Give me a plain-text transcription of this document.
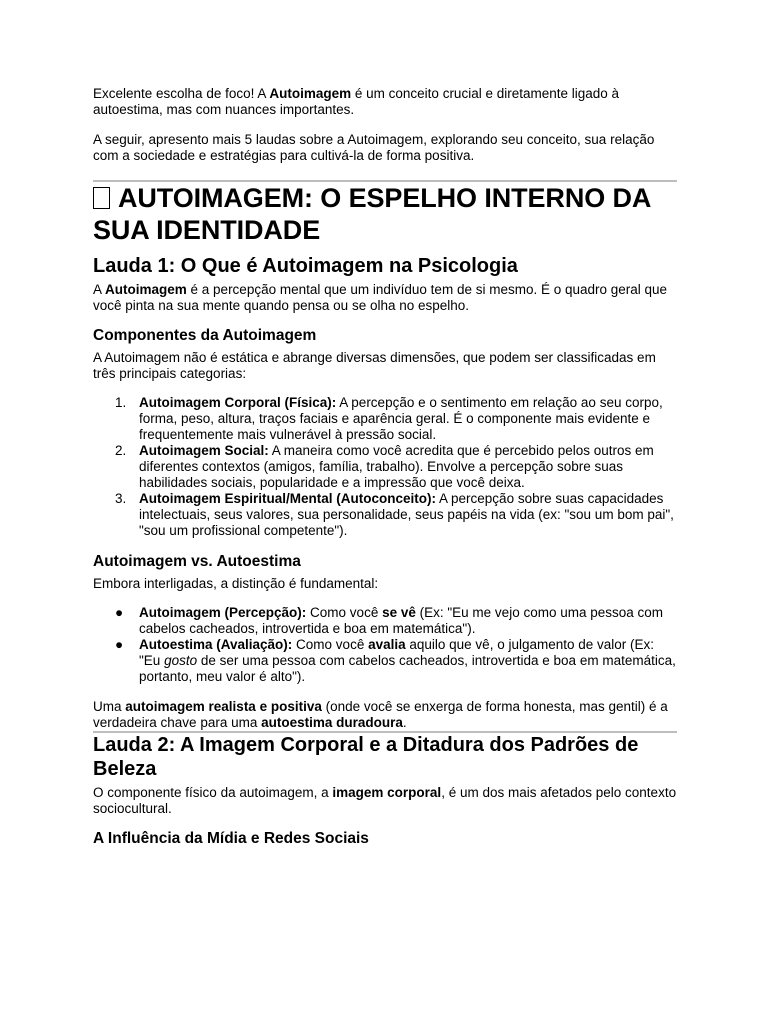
Excelente escolha de foco! A Autoimagem é um conceito crucial e diretamente ligado à autoestima, mas com nuances importantes.

A seguir, apresento mais 5 laudas sobre a Autoimagem, explorando seu conceito, sua relação com a sociedade e estratégias para cultivá-la de forma positiva.

AUTOIMAGEM: O ESPELHO INTERNO DA SUA IDENTIDADE
Lauda 1: O Que é Autoimagem na Psicologia

A Autoimagem é a percepção mental que um indivíduo tem de si mesmo. É o quadro geral que você pinta na sua mente quando pensa ou se olha no espelho.

Componentes da Autoimagem

A Autoimagem não é estática e abrange diversas dimensões, que podem ser classificadas em três principais categorias:

1. Autoimagem Corporal (Física): A percepção e o sentimento em relação ao seu corpo, forma, peso, altura, traços faciais e aparência geral. É o componente mais evidente e frequentemente mais vulnerável à pressão social.
2. Autoimagem Social: A maneira como você acredita que é percebido pelos outros em diferentes contextos (amigos, família, trabalho). Envolve a percepção sobre suas habilidades sociais, popularidade e a impressão que você deixa.
3. Autoimagem Espiritual/Mental (Autoconceito): A percepção sobre suas capacidades intelectuais, seus valores, sua personalidade, seus papéis na vida (ex: "sou um bom pai", "sou um profissional competente").
Autoimagem vs. Autoestima

Embora interligadas, a distinção é fundamental:

● Autoimagem (Percepção): Como você se vê (Ex: "Eu me vejo como uma pessoa com cabelos cacheados, introvertida e boa em matemática").
● Autoestima (Avaliação): Como você avalia aquilo que vê, o julgamento de valor (Ex: "Eu gosto de ser uma pessoa com cabelos cacheados, introvertida e boa em matemática, portanto, meu valor é alto").

Uma autoimagem realista e positiva (onde você se enxerga de forma honesta, mas gentil) é a verdadeira chave para uma autoestima duradoura.

Lauda 2: A Imagem Corporal e a Ditadura dos Padrões de Beleza

O componente físico da autoimagem, a imagem corporal, é um dos mais afetados pelo contexto sociocultural.

A Influência da Mídia e Redes Sociais
